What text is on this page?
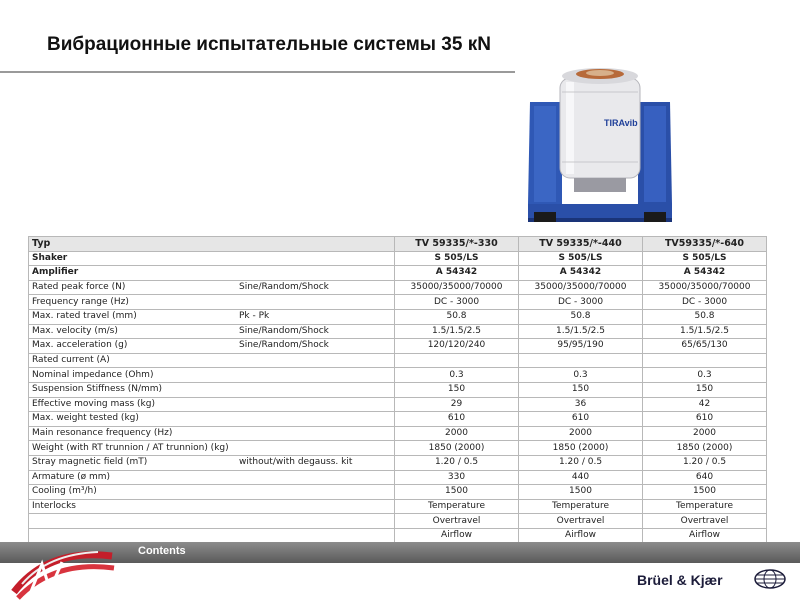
Вибрационные испытательные системы 35 кN
TIRAvib
Typ	TV 59335/*-330	TV 59335/*-440	TV59335/*-640
Shaker	S 505/LS	S 505/LS	S 505/LS
Amplifier	A 54342	A 54342	A 54342
Rated peak force (N) Sine/Random/Shock	35000/35000/70000	35000/35000/70000	35000/35000/70000
Frequency range (Hz)	DC - 3000	DC - 3000	DC - 3000
Max. rated travel (mm) Pk - Pk	50.8	50.8	50.8
Max. velocity (m/s) Sine/Random/Shock	1.5/1.5/2.5	1.5/1.5/2.5	1.5/1.5/2.5
Max. acceleration (g) Sine/Random/Shock	120/120/240	95/95/190	65/65/130
Rated current (A)			
Nominal impedance (Ohm)	0.3	0.3	0.3
Suspension Stiffness (N/mm)	150	150	150
Effective moving mass (kg)	29	36	42
Max. weight tested (kg)	610	610	610
Main resonance frequency (Hz)	2000	2000	2000
Weight (with RT trunnion / AT trunnion) (kg)	1850 (2000)	1850 (2000)	1850 (2000)
Stray magnetic field (mT) without/with degauss. kit	1.20 / 0.5	1.20 / 0.5	1.20 / 0.5
Armature (ø mm)	330	440	640
Cooling (m³/h)	1500	1500	1500
Interlocks	Temperature	Temperature	Temperature
	Overtravel	Overtravel	Overtravel
	Airflow	Airflow	Airflow
Contents
Brüel & Kjær
